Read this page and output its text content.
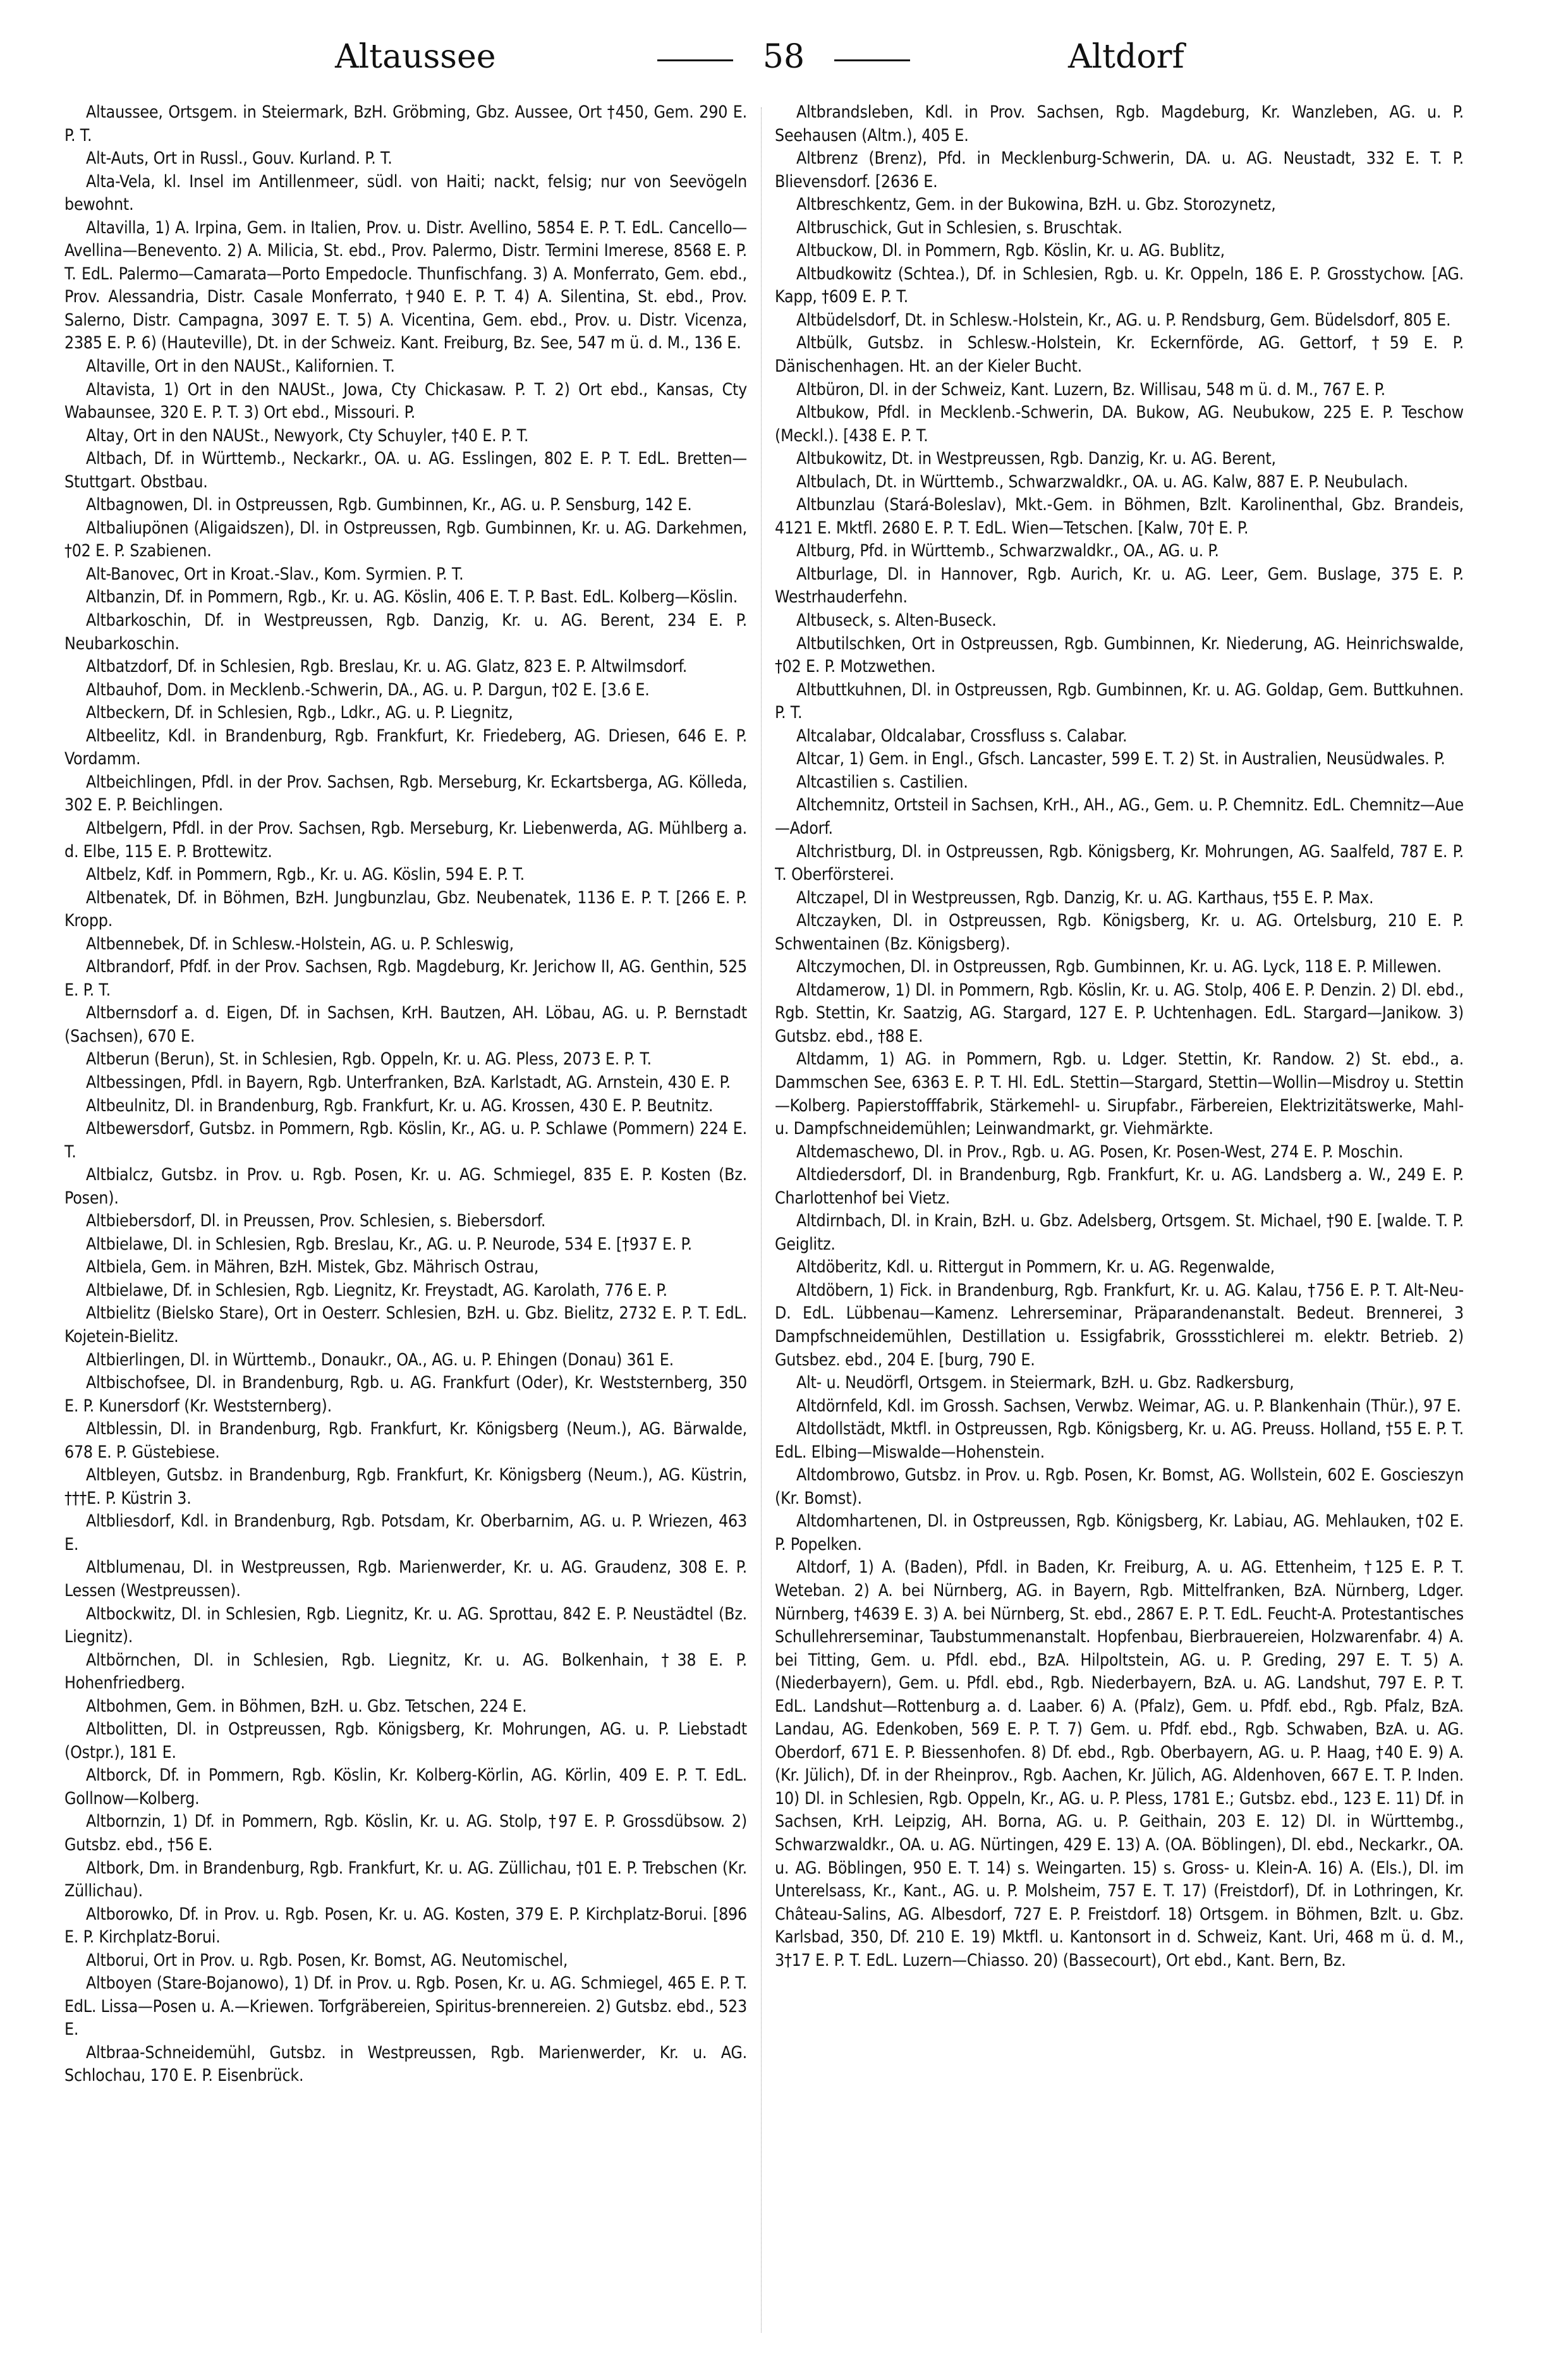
Altaussee	58	Altdorf

Altaussee, Ortsgem. in Steiermark, BzH. Gröbming, Gbz. Aussee, Ort †450, Gem. 290 E. P. T.

Alt-Auts, Ort in Russl., Gouv. Kurland. P. T.

Alta-Vela, kl. Insel im Antillenmeer, südl. von Haiti; nackt, felsig; nur von Seevögeln bewohnt.

Altavilla, 1) A. Irpina, Gem. in Italien, Prov. u. Distr. Avellino, 5854 E. P. T. EdL. Cancello—Avellina—Benevento. 2) A. Milicia, St. ebd., Prov. Palermo, Distr. Termini Imerese, 8568 E. P. T. EdL. Palermo—Camarata—Porto Empedocle. Thunfischfang. 3) A. Monferrato, Gem. ebd., Prov. Alessandria, Distr. Casale Monferrato, †940 E. P. T. 4) A. Silentina, St. ebd., Prov. Salerno, Distr. Campagna, 3097 E. T. 5) A. Vicentina, Gem. ebd., Prov. u. Distr. Vicenza, 2385 E. P. 6) (Hauteville), Dt. in der Schweiz. Kant. Freiburg, Bz. See, 547 m ü. d. M., 136 E.

Altaville, Ort in den NAUSt., Kalifornien. T.

Altavista, 1) Ort in den NAUSt., Jowa, Cty Chickasaw. P. T. 2) Ort ebd., Kansas, Cty Wabaunsee, 320 E. P. T. 3) Ort ebd., Missouri. P.

Altay, Ort in den NAUSt., Newyork, Cty Schuyler, †40 E. P. T.

Altbach, Df. in Württemb., Neckarkr., OA. u. AG. Esslingen, 802 E. P. T. EdL. Bretten—Stuttgart. Obstbau.

Altbagnowen, Dl. in Ostpreussen, Rgb. Gumbinnen, Kr., AG. u. P. Sensburg, 142 E.

Altbaliupönen (Aligaidszen), Dl. in Ostpreussen, Rgb. Gumbinnen, Kr. u. AG. Darkehmen, †02 E. P. Szabienen.

Alt-Banovec, Ort in Kroat.-Slav., Kom. Syrmien. P. T.

Altbanzin, Df. in Pommern, Rgb., Kr. u. AG. Köslin, 406 E. T. P. Bast. EdL. Kolberg—Köslin.

Altbarkoschin, Df. in Westpreussen, Rgb. Danzig, Kr. u. AG. Berent, 234 E. P. Neubarkoschin.

Altbatzdorf, Df. in Schlesien, Rgb. Breslau, Kr. u. AG. Glatz, 823 E. P. Altwilmsdorf.

Altbauhof, Dom. in Mecklenb.-Schwerin, DA., AG. u. P. Dargun, †02 E. [3.6 E.

Altbeckern, Df. in Schlesien, Rgb., Ldkr., AG. u. P. Liegnitz,

Altbeelitz, Kdl. in Brandenburg, Rgb. Frankfurt, Kr. Friedeberg, AG. Driesen, 646 E. P. Vordamm.

Altbeichlingen, Pfdl. in der Prov. Sachsen, Rgb. Merseburg, Kr. Eckartsberga, AG. Kölleda, 302 E. P. Beichlingen.

Altbelgern, Pfdl. in der Prov. Sachsen, Rgb. Merseburg, Kr. Liebenwerda, AG. Mühlberg a. d. Elbe, 115 E. P. Brottewitz.

Altbelz, Kdf. in Pommern, Rgb., Kr. u. AG. Köslin, 594 E. P. T.

Altbenatek, Df. in Böhmen, BzH. Jungbunzlau, Gbz. Neubenatek, 1136 E. P. T. [266 E. P. Kropp.

Altbennebek, Df. in Schlesw.-Holstein, AG. u. P. Schleswig,

Altbrandorf, Pfdf. in der Prov. Sachsen, Rgb. Magdeburg, Kr. Jerichow II, AG. Genthin, 525 E. P. T.

Altbernsdorf a. d. Eigen, Df. in Sachsen, KrH. Bautzen, AH. Löbau, AG. u. P. Bernstadt (Sachsen), 670 E.

Altberun (Berun), St. in Schlesien, Rgb. Oppeln, Kr. u. AG. Pless, 2073 E. P. T.

Altbessingen, Pfdl. in Bayern, Rgb. Unterfranken, BzA. Karlstadt, AG. Arnstein, 430 E. P.

Altbeulnitz, Dl. in Brandenburg, Rgb. Frankfurt, Kr. u. AG. Krossen, 430 E. P. Beutnitz.

Altbewersdorf, Gutsbz. in Pommern, Rgb. Köslin, Kr., AG. u. P. Schlawe (Pommern) 224 E. T.

Altbialcz, Gutsbz. in Prov. u. Rgb. Posen, Kr. u. AG. Schmiegel, 835 E. P. Kosten (Bz. Posen).

Altbiebersdorf, Dl. in Preussen, Prov. Schlesien, s. Biebersdorf.

Altbielawe, Dl. in Schlesien, Rgb. Breslau, Kr., AG. u. P. Neurode, 534 E. [†937 E. P.

Altbiela, Gem. in Mähren, BzH. Mistek, Gbz. Mährisch Ostrau,

Altbielawe, Df. in Schlesien, Rgb. Liegnitz, Kr. Freystadt, AG. Karolath, 776 E. P.

Altbielitz (Bielsko Stare), Ort in Oesterr. Schlesien, BzH. u. Gbz. Bielitz, 2732 E. P. T. EdL. Kojetein-Bielitz.

Altbierlingen, Dl. in Württemb., Donaukr., OA., AG. u. P. Ehingen (Donau) 361 E.

Altbischofsee, Dl. in Brandenburg, Rgb. u. AG. Frankfurt (Oder), Kr. Weststernberg, 350 E. P. Kunersdorf (Kr. Weststernberg).

Altblessin, Dl. in Brandenburg, Rgb. Frankfurt, Kr. Königsberg (Neum.), AG. Bärwalde, 678 E. P. Güstebiese.

Altbleyen, Gutsbz. in Brandenburg, Rgb. Frankfurt, Kr. Königsberg (Neum.), AG. Küstrin, †††E. P. Küstrin 3.

Altbliesdorf, Kdl. in Brandenburg, Rgb. Potsdam, Kr. Oberbarnim, AG. u. P. Wriezen, 463 E.

Altblumenau, Dl. in Westpreussen, Rgb. Marienwerder, Kr. u. AG. Graudenz, 308 E. P. Lessen (Westpreussen).

Altbockwitz, Dl. in Schlesien, Rgb. Liegnitz, Kr. u. AG. Sprottau, 842 E. P. Neustädtel (Bz. Liegnitz).

Altbörnchen, Dl. in Schlesien, Rgb. Liegnitz, Kr. u. AG. Bolkenhain, †38 E. P. Hohenfriedberg.

Altbohmen, Gem. in Böhmen, BzH. u. Gbz. Tetschen, 224 E.

Altbolitten, Dl. in Ostpreussen, Rgb. Königsberg, Kr. Mohrungen, AG. u. P. Liebstadt (Ostpr.), 181 E.

Altborck, Df. in Pommern, Rgb. Köslin, Kr. Kolberg-Körlin, AG. Körlin, 409 E. P. T. EdL. Gollnow—Kolberg.

Altbornzin, 1) Df. in Pommern, Rgb. Köslin, Kr. u. AG. Stolp, †97 E. P. Grossdübsow. 2) Gutsbz. ebd., †56 E.

Altbork, Dm. in Brandenburg, Rgb. Frankfurt, Kr. u. AG. Züllichau, †01 E. P. Trebschen (Kr. Züllichau).

Altborowko, Df. in Prov. u. Rgb. Posen, Kr. u. AG. Kosten, 379 E. P. Kirchplatz-Borui. [896 E. P. Kirchplatz-Borui.

Altborui, Ort in Prov. u. Rgb. Posen, Kr. Bomst, AG. Neutomischel,

Altboyen (Stare-Bojanowo), 1) Df. in Prov. u. Rgb. Posen, Kr. u. AG. Schmiegel, 465 E. P. T. EdL. Lissa—Posen u. A.—Kriewen. Torfgräbereien, Spiritus-brennereien. 2) Gutsbz. ebd., 523 E.

Altbraa-Schneidemühl, Gutsbz. in Westpreussen, Rgb. Marienwerder, Kr. u. AG. Schlochau, 170 E. P. Eisenbrück.

Altbrandsleben, Kdl. in Prov. Sachsen, Rgb. Magdeburg, Kr. Wanzleben, AG. u. P. Seehausen (Altm.), 405 E.

Altbrenz (Brenz), Pfd. in Mecklenburg-Schwerin, DA. u. AG. Neustadt, 332 E. T. P. Blievensdorf. [2636 E.

Altbreschkentz, Gem. in der Bukowina, BzH. u. Gbz. Storozynetz,

Altbruschick, Gut in Schlesien, s. Bruschtak.

Altbuckow, Dl. in Pommern, Rgb. Köslin, Kr. u. AG. Bublitz,

Altbudkowitz (Schtea.), Df. in Schlesien, Rgb. u. Kr. Oppeln, 186 E. P. Grosstychow. [AG. Kapp, †609 E. P. T.

Altbüdelsdorf, Dt. in Schlesw.-Holstein, Kr., AG. u. P. Rendsburg, Gem. Büdelsdorf, 805 E.

Altbülk, Gutsbz. in Schlesw.-Holstein, Kr. Eckernförde, AG. Gettorf, †59 E. P. Dänischenhagen. Ht. an der Kieler Bucht.

Altbüron, Dl. in der Schweiz, Kant. Luzern, Bz. Willisau, 548 m ü. d. M., 767 E. P.

Altbukow, Pfdl. in Mecklenb.-Schwerin, DA. Bukow, AG. Neubukow, 225 E. P. Teschow (Meckl.). [438 E. P. T.

Altbukowitz, Dt. in Westpreussen, Rgb. Danzig, Kr. u. AG. Berent,

Altbulach, Dt. in Württemb., Schwarzwaldkr., OA. u. AG. Kalw, 887 E. P. Neubulach.

Altbunzlau (Stará-Boleslav), Mkt.-Gem. in Böhmen, Bzlt. Karolinenthal, Gbz. Brandeis, 4121 E. Mktfl. 2680 E. P. T. EdL. Wien—Tetschen. [Kalw, 70† E. P.

Altburg, Pfd. in Württemb., Schwarzwaldkr., OA., AG. u. P.

Altburlage, Dl. in Hannover, Rgb. Aurich, Kr. u. AG. Leer, Gem. Buslage, 375 E. P. Westrhauderfehn.

Altbuseck, s. Alten-Buseck.

Altbutilschken, Ort in Ostpreussen, Rgb. Gumbinnen, Kr. Niederung, AG. Heinrichswalde, †02 E. P. Motzwethen.

Altbuttkuhnen, Dl. in Ostpreussen, Rgb. Gumbinnen, Kr. u. AG. Goldap, Gem. Buttkuhnen. P. T.

Altcalabar, Oldcalabar, Crossfluss s. Calabar.

Altcar, 1) Gem. in Engl., Gfsch. Lancaster, 599 E. T. 2) St. in Australien, Neusüdwales. P.

Altcastilien s. Castilien.

Altchemnitz, Ortsteil in Sachsen, KrH., AH., AG., Gem. u. P. Chemnitz. EdL. Chemnitz—Aue—Adorf.

Altchristburg, Dl. in Ostpreussen, Rgb. Königsberg, Kr. Mohrungen, AG. Saalfeld, 787 E. P. T. Oberförsterei.

Altczapel, Dl in Westpreussen, Rgb. Danzig, Kr. u. AG. Karthaus, †55 E. P. Max.

Altczayken, Dl. in Ostpreussen, Rgb. Königsberg, Kr. u. AG. Ortelsburg, 210 E. P. Schwentainen (Bz. Königsberg).

Altczymochen, Dl. in Ostpreussen, Rgb. Gumbinnen, Kr. u. AG. Lyck, 118 E. P. Millewen.

Altdamerow, 1) Dl. in Pommern, Rgb. Köslin, Kr. u. AG. Stolp, 406 E. P. Denzin. 2) Dl. ebd., Rgb. Stettin, Kr. Saatzig, AG. Stargard, 127 E. P. Uchtenhagen. EdL. Stargard—Janikow. 3) Gutsbz. ebd., †88 E.

Altdamm, 1) AG. in Pommern, Rgb. u. Ldger. Stettin, Kr. Randow. 2) St. ebd., a. Dammschen See, 6363 E. P. T. Hl. EdL. Stettin—Stargard, Stettin—Wollin—Misdroy u. Stettin—Kolberg. Papierstofffabrik, Stärkemehl- u. Sirupfabr., Färbereien, Elektrizitätswerke, Mahl- u. Dampfschneidemühlen; Leinwandmarkt, gr. Viehmärkte.

Altdemaschewo, Dl. in Prov., Rgb. u. AG. Posen, Kr. Posen-West, 274 E. P. Moschin.

Altdiedersdorf, Dl. in Brandenburg, Rgb. Frankfurt, Kr. u. AG. Landsberg a. W., 249 E. P. Charlottenhof bei Vietz.

Altdirnbach, Dl. in Krain, BzH. u. Gbz. Adelsberg, Ortsgem. St. Michael, †90 E. [walde. T. P. Geiglitz.

Altdöberitz, Kdl. u. Rittergut in Pommern, Kr. u. AG. Regenwalde,

Altdöbern, 1) Fick. in Brandenburg, Rgb. Frankfurt, Kr. u. AG. Kalau, †756 E. P. T. Alt-Neu-D. EdL. Lübbenau—Kamenz. Lehrerseminar, Präparandenanstalt. Bedeut. Brennerei, 3 Dampfschneidemühlen, Destillation u. Essigfabrik, Grossstichlerei m. elektr. Betrieb. 2) Gutsbez. ebd., 204 E. [burg, 790 E.

Alt- u. Neudörfl, Ortsgem. in Steiermark, BzH. u. Gbz. Radkersburg,

Altdörnfeld, Kdl. im Grossh. Sachsen, Verwbz. Weimar, AG. u. P. Blankenhain (Thür.), 97 E.

Altdollstädt, Mktfl. in Ostpreussen, Rgb. Königsberg, Kr. u. AG. Preuss. Holland, †55 E. P. T. EdL. Elbing—Miswalde—Hohenstein.

Altdombrowo, Gutsbz. in Prov. u. Rgb. Posen, Kr. Bomst, AG. Wollstein, 602 E. Goscieszyn (Kr. Bomst).

Altdomhartenen, Dl. in Ostpreussen, Rgb. Königsberg, Kr. Labiau, AG. Mehlauken, †02 E. P. Popelken.

Altdorf, 1) A. (Baden), Pfdl. in Baden, Kr. Freiburg, A. u. AG. Ettenheim, †125 E. P. T. Weteban. 2) A. bei Nürnberg, AG. in Bayern, Rgb. Mittelfranken, BzA. Nürnberg, Ldger. Nürnberg, †4639 E. 3) A. bei Nürnberg, St. ebd., 2867 E. P. T. EdL. Feucht-A. Protestantisches Schullehrerseminar, Taubstummenanstalt. Hopfenbau, Bierbrauereien, Holzwarenfabr. 4) A. bei Titting, Gem. u. Pfdl. ebd., BzA. Hilpoltstein, AG. u. P. Greding, 297 E. T. 5) A. (Niederbayern), Gem. u. Pfdl. ebd., Rgb. Niederbayern, BzA. u. AG. Landshut, 797 E. P. T. EdL. Landshut—Rottenburg a. d. Laaber. 6) A. (Pfalz), Gem. u. Pfdf. ebd., Rgb. Pfalz, BzA. Landau, AG. Edenkoben, 569 E. P. T. 7) Gem. u. Pfdf. ebd., Rgb. Schwaben, BzA. u. AG. Oberdorf, 671 E. P. Biessenhofen. 8) Df. ebd., Rgb. Oberbayern, AG. u. P. Haag, †40 E. 9) A. (Kr. Jülich), Df. in der Rheinprov., Rgb. Aachen, Kr. Jülich, AG. Aldenhoven, 667 E. T. P. Inden. 10) Dl. in Schlesien, Rgb. Oppeln, Kr., AG. u. P. Pless, 1781 E.; Gutsbz. ebd., 123 E. 11) Df. in Sachsen, KrH. Leipzig, AH. Borna, AG. u. P. Geithain, 203 E. 12) Dl. in Württembg., Schwarzwaldkr., OA. u. AG. Nürtingen, 429 E. 13) A. (OA. Böblingen), Dl. ebd., Neckarkr., OA. u. AG. Böblingen, 950 E. T. 14) s. Weingarten. 15) s. Gross- u. Klein-A. 16) A. (Els.), Dl. im Unterelsass, Kr., Kant., AG. u. P. Molsheim, 757 E. T. 17) (Freistdorf), Df. in Lothringen, Kr. Château-Salins, AG. Albesdorf, 727 E. P. Freistdorf. 18) Ortsgem. in Böhmen, Bzlt. u. Gbz. Karlsbad, 350, Df. 210 E. 19) Mktfl. u. Kantonsort in d. Schweiz, Kant. Uri, 468 m ü. d. M., 3†17 E. P. T. EdL. Luzern—Chiasso. 20) (Bassecourt), Ort ebd., Kant. Bern, Bz.
